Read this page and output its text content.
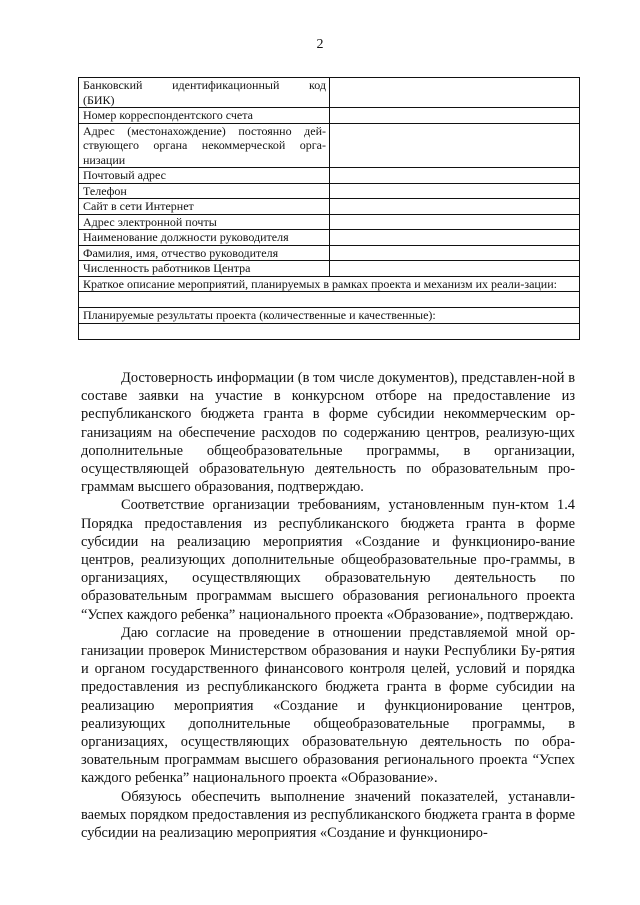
2
Банковский идентификационный код
(БИК)	
Номер корреспондентского счета	
Адрес (местонахождение) постоянно дей-ствующего органа некоммерческой орга-низации	
Почтовый адрес	
Телефон	
Сайт в сети Интернет	
Адрес электронной почты	
Наименование должности руководителя	
Фамилия, имя, отчество руководителя	
Численность работников Центра	
Краткое описание мероприятий, планируемых в рамках проекта и механизм их реали-зации:	

Планируемые результаты проекта (количественные и качественные):	

Достоверность информации (в том числе документов), представлен-ной в составе заявки на участие в конкурсном отборе на предоставление из республиканского бюджета гранта в форме субсидии некоммерческим ор-ганизациям на обеспечение расходов по содержанию центров, реализую-щих дополнительные общеобразовательные программы, в организации, осуществляющей образовательную деятельность по образовательным про-граммам высшего образования, подтверждаю.

Соответствие организации требованиям, установленным пун-ктом 1.4 Порядка предоставления из республиканского бюджета гранта в форме субсидии на реализацию мероприятия «Создание и функциониро-вание центров, реализующих дополнительные общеобразовательные про-граммы, в организациях, осуществляющих образовательную деятельность по образовательным программам высшего образования регионального проекта “Успех каждого ребенка” национального проекта «Образование», подтверждаю.

Даю согласие на проведение в отношении представляемой мной ор-ганизации проверок Министерством образования и науки Республики Бу-рятия и органом государственного финансового контроля целей, условий и порядка предоставления из республиканского бюджета гранта в форме субсидии на реализацию мероприятия «Создание и функционирование центров, реализующих дополнительные общеобразовательные программы, в организациях, осуществляющих образовательную деятельность по обра-зовательным программам высшего образования регионального проекта “Успех каждого ребенка” национального проекта «Образование».

Обязуюсь обеспечить выполнение значений показателей, устанавли-ваемых порядком предоставления из республиканского бюджета гранта в форме субсидии на реализацию мероприятия «Создание и функциониро-
